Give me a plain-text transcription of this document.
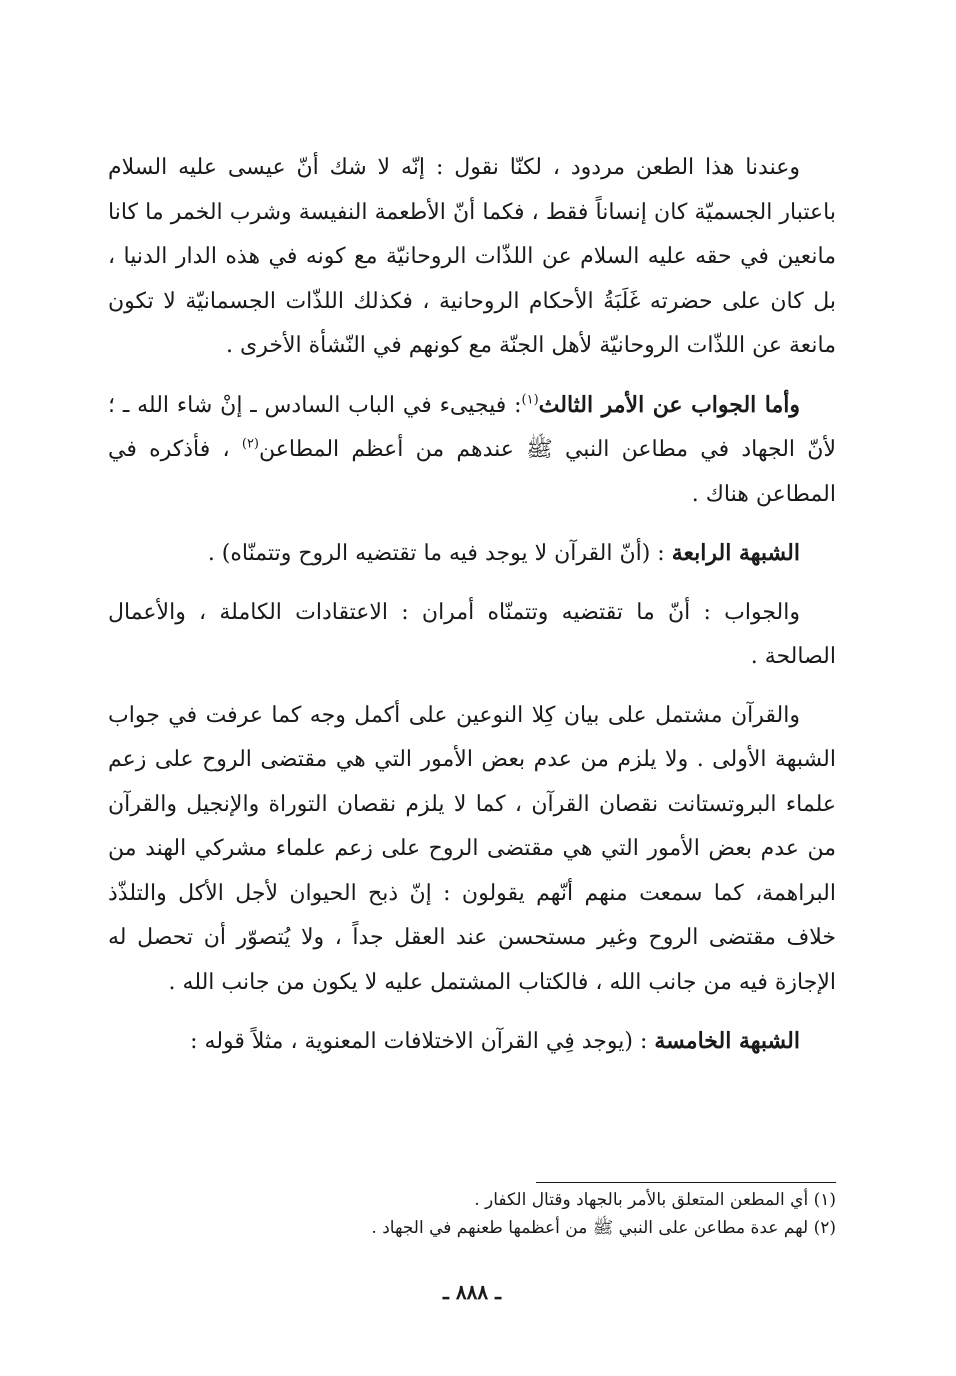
وعندنا هذا الطعن مردود ، لكنّا نقول : إنّه لا شك أنّ عيسى عليه السلام باعتبار الجسميّة كان إنساناً فقط ، فكما أنّ الأطعمة النفيسة وشرب الخمر ما كانا مانعين في حقه عليه السلام عن اللذّات الروحانيّة مع كونه في هذه الدار الدنيا ، بل كان على حضرته غَلَبَةُ الأحكام الروحانية ، فكذلك اللذّات الجسمانيّة لا تكون مانعة عن اللذّات الروحانيّة لأهل الجنّة مع كونهم في النّشأة الأخرى .

وأما الجواب عن الأمر الثالث$^{(١)}$: فيجيىء في الباب السادس ـ إنْ شاء الله ـ ؛ لأنّ الجهاد في مطاعن النبي ﷺ عندهم من أعظم المطاعن$^{(٢)}$ ، فأذكره في المطاعن هناك .

الشبهة الرابعة : (أنّ القرآن لا يوجد فيه ما تقتضيه الروح وتتمنّاه) .

والجواب : أنّ ما تقتضيه وتتمنّاه أمران : الاعتقادات الكاملة ، والأعمال الصالحة .

والقرآن مشتمل على بيان كِلا النوعين على أكمل وجه كما عرفت في جواب الشبهة الأولى . ولا يلزم من عدم بعض الأمور التي هي مقتضى الروح على زعم علماء البروتستانت نقصان القرآن ، كما لا يلزم نقصان التوراة والإنجيل والقرآن من عدم بعض الأمور التي هي مقتضى الروح على زعم علماء مشركي الهند من البراهمة، كما سمعت منهم أنّهم يقولون : إنّ ذبح الحيوان لأجل الأكل والتلذّذ خلاف مقتضى الروح وغير مستحسن عند العقل جداً ، ولا يُتصوّر أن تحصل له الإجازة فيه من جانب الله ، فالكتاب المشتمل عليه لا يكون من جانب الله .

الشبهة الخامسة : (يوجد فِي القرآن الاختلافات المعنوية ، مثلاً قوله :

(١) أي المطعن المتعلق بالأمر بالجهاد وقتال الكفار .

(٢) لهم عدة مطاعن على النبي ﷺ من أعظمها طعنهم في الجهاد .

ـ ٨٨٨ ـ
